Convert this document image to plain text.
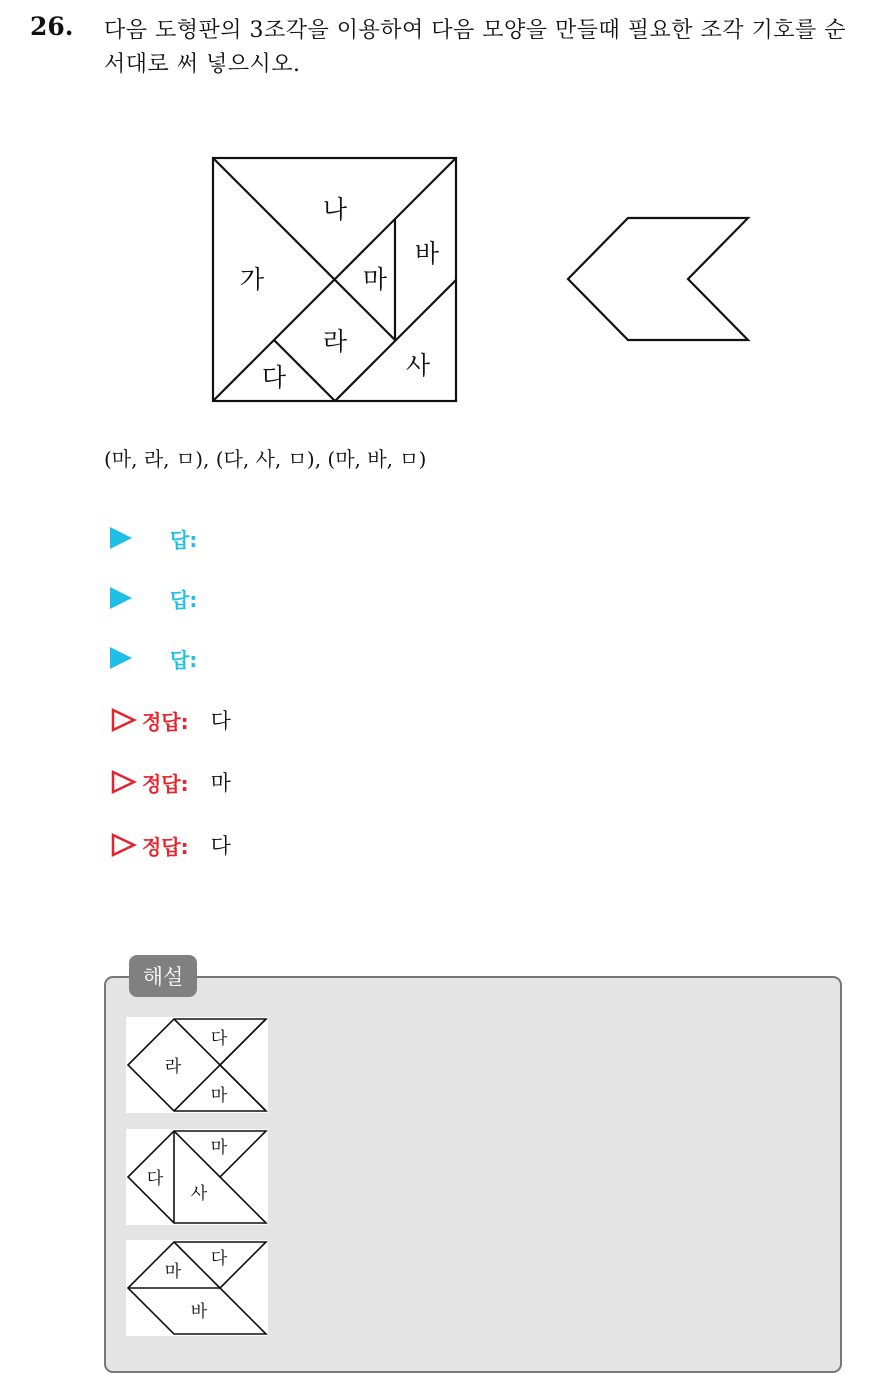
26. 다음 도형판의 3조각을 이용하여 다음 모양을 만들때 필요한 조각 기호를 순서대로 써 넣으시오.
가
나
다
라
마
바
사
(마, 라, ㅁ), (다, 사, ㅁ), (마, 바, ㅁ)
답:
답:
답:
정답: 다
정답: 마
정답: 다
해설
다
라
마
마
다
사
다
마
바
